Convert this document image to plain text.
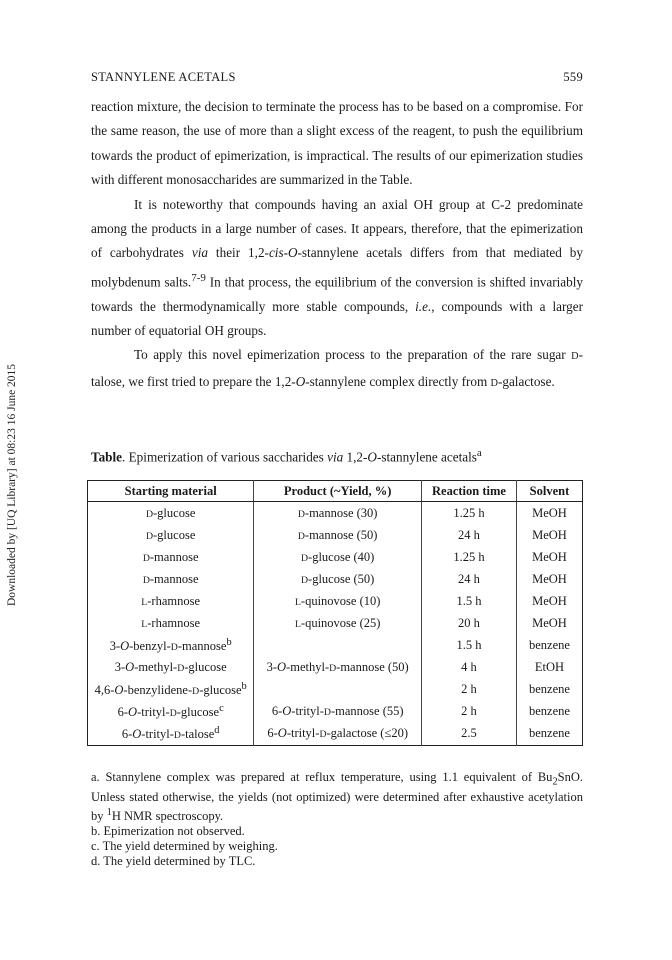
Downloaded by [UQ Library] at 08:23 16 June 2015
STANNYLENE ACETALS	559

reaction mixture, the decision to terminate the process has to be based on a compromise. For the same reason, the use of more than a slight excess of the reagent, to push the equilibrium towards the product of epimerization, is impractical. The results of our epimerization studies with different monosaccharides are summarized in the Table.

It is noteworthy that compounds having an axial OH group at C-2 predominate among the products in a large number of cases. It appears, therefore, that the epimerization of carbohydrates via their 1,2-cis-O-stannylene acetals differs from that mediated by molybdenum salts.$^{7-9}$ In that process, the equilibrium of the conversion is shifted invariably towards the thermodynamically more stable compounds, i.e., compounds with a larger number of equatorial OH groups.

To apply this novel epimerization process to the preparation of the rare sugar D-talose, we first tried to prepare the 1,2-O-stannylene complex directly from D-galactose.

Table. Epimerization of various saccharides via 1,2-O-stannylene acetals$^a$
Starting material	Product (~Yield, %)	Reaction time	Solvent
D-glucose	D-mannose (30)	1.25 h	MeOH
D-glucose	D-mannose (50)	24 h	MeOH
D-mannose	D-glucose (40)	1.25 h	MeOH
D-mannose	D-glucose (50)	24 h	MeOH
L-rhamnose	L-quinovose (10)	1.5 h	MeOH
L-rhamnose	L-quinovose (25)	20 h	MeOH
3-O-benzyl-D-mannose$^b$		1.5 h	benzene
3-O-methyl-D-glucose	3-O-methyl-D-mannose (50)	4 h	EtOH
4,6-O-benzylidene-D-glucose$^b$		2 h	benzene
6-O-trityl-D-glucose$^c$	6-O-trityl-D-mannose (55)	2 h	benzene
6-O-trityl-D-talose$^d$	6-O-trityl-D-galactose (≤20)	2.5	benzene

a. Stannylene complex was prepared at reflux temperature, using 1.1 equivalent of $Bu_2SnO$. Unless stated otherwise, the yields (not optimized) were determined after exhaustive acetylation by $^1$H NMR spectroscopy.

b. Epimerization not observed.

c. The yield determined by weighing.

d. The yield determined by TLC.
